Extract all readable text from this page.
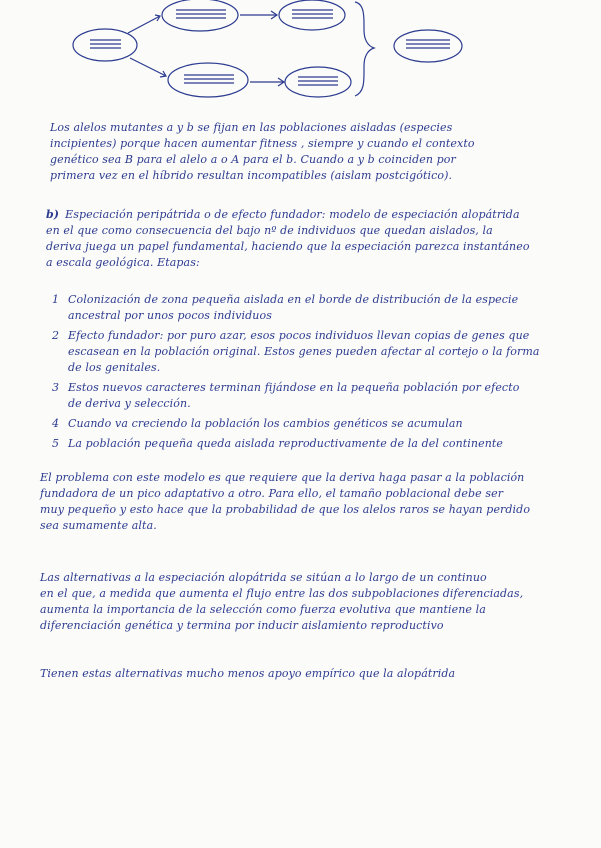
Los alelos mutantes a y b se fijan en las poblaciones aisladas (especies
incipientes) porque hacen aumentar fitness , siempre y cuando el contexto
genético sea B para el alelo a o A para el b. Cuando a y b coinciden por
primera vez en el híbrido resultan incompatibles (aislam postcigótico).
b) Especiación peripátrida o de efecto fundador: modelo de especiación alopátrida
en el que como consecuencia del bajo nº de individuos que quedan aislados, la
deriva juega un papel fundamental, haciendo que la especiación parezca instantáneo
a escala geológica. Etapas:
1 Colonización de zona pequeña aislada en el borde de distribución de la especie
ancestral por unos pocos individuos
2 Efecto fundador: por puro azar, esos pocos individuos llevan copias de genes que
escasean en la población original. Estos genes pueden afectar al cortejo o la forma
de los genitales.
3 Estos nuevos caracteres terminan fijándose en la pequeña población por efecto
de deriva y selección.
4 Cuando va creciendo la población los cambios genéticos se acumulan
5 La población pequeña queda aislada reproductivamente de la del continente
El problema con este modelo es que requiere que la deriva haga pasar a la población
fundadora de un pico adaptativo a otro. Para ello, el tamaño poblacional debe ser
muy pequeño y esto hace que la probabilidad de que los alelos raros se hayan perdido
sea sumamente alta.
Las alternativas a la especiación alopátrida se sitúan a lo largo de un continuo
en el que, a medida que aumenta el flujo entre las dos subpoblaciones diferenciadas,
aumenta la importancia de la selección como fuerza evolutiva que mantiene la
diferenciación genética y termina por inducir aislamiento reproductivo
Tienen estas alternativas mucho menos apoyo empírico que la alopátrida
